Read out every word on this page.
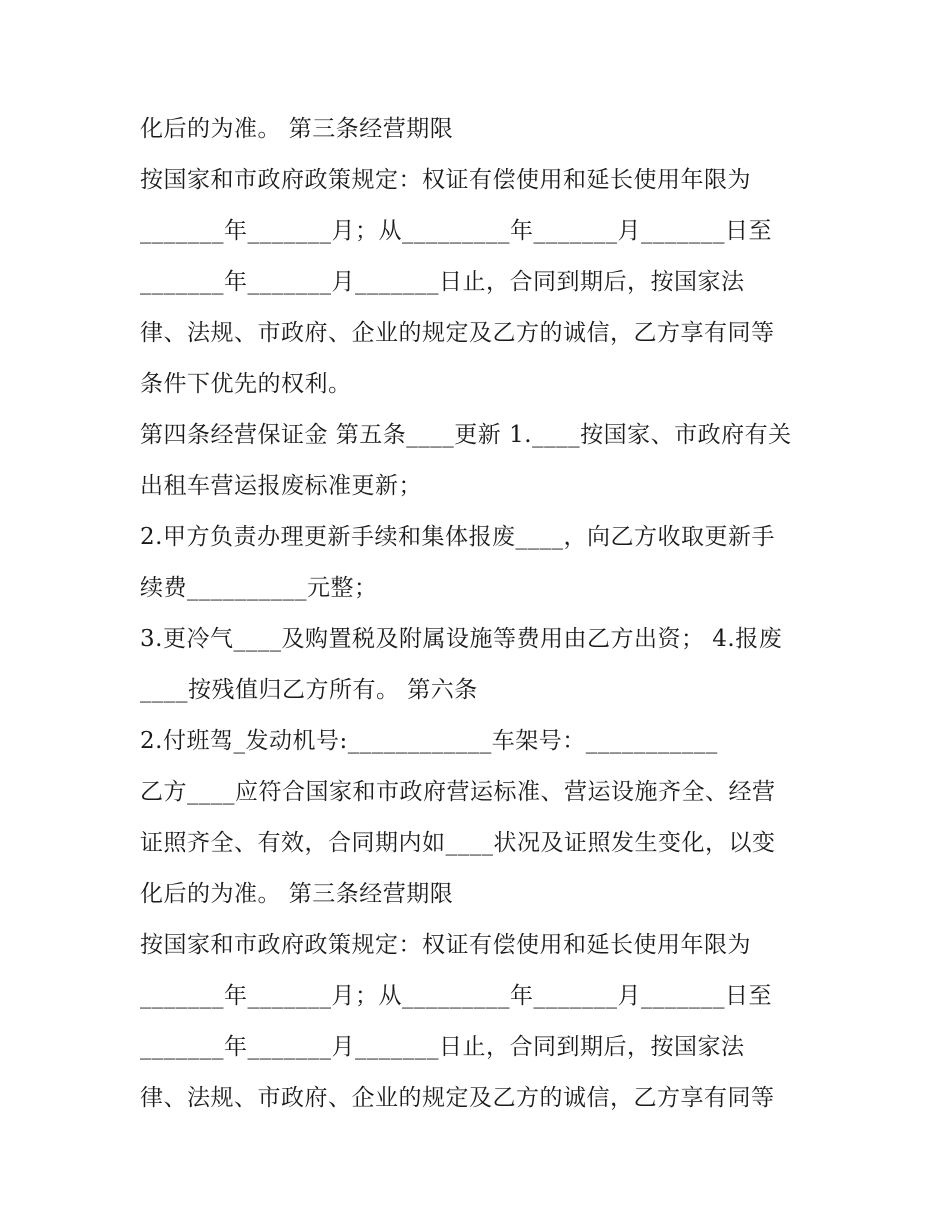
化后的为准。 第三条经营期限
按国家和市政府政策规定：权证有偿使用和延长使用年限为
_______年_______月；从_________年_______月_______日至
_______年_______月_______日止，合同到期后，按国家法
律、法规、市政府、企业的规定及乙方的诚信，乙方享有同等
条件下优先的权利。
第四条经营保证金 第五条____更新 1.____按国家、市政府有关
出租车营运报废标准更新；
2.甲方负责办理更新手续和集体报废____，向乙方收取更新手
续费__________元整；
3.更冷气____及购置税及附属设施等费用由乙方出资； 4.报废
____按残值归乙方所有。 第六条
2.付班驾_发动机号:____________车架号：___________
乙方____应符合国家和市政府营运标准、营运设施齐全、经营
证照齐全、有效，合同期内如____状况及证照发生变化，以变
化后的为准。 第三条经营期限
按国家和市政府政策规定：权证有偿使用和延长使用年限为
_______年_______月；从_________年_______月_______日至
_______年_______月_______日止，合同到期后，按国家法
律、法规、市政府、企业的规定及乙方的诚信，乙方享有同等
